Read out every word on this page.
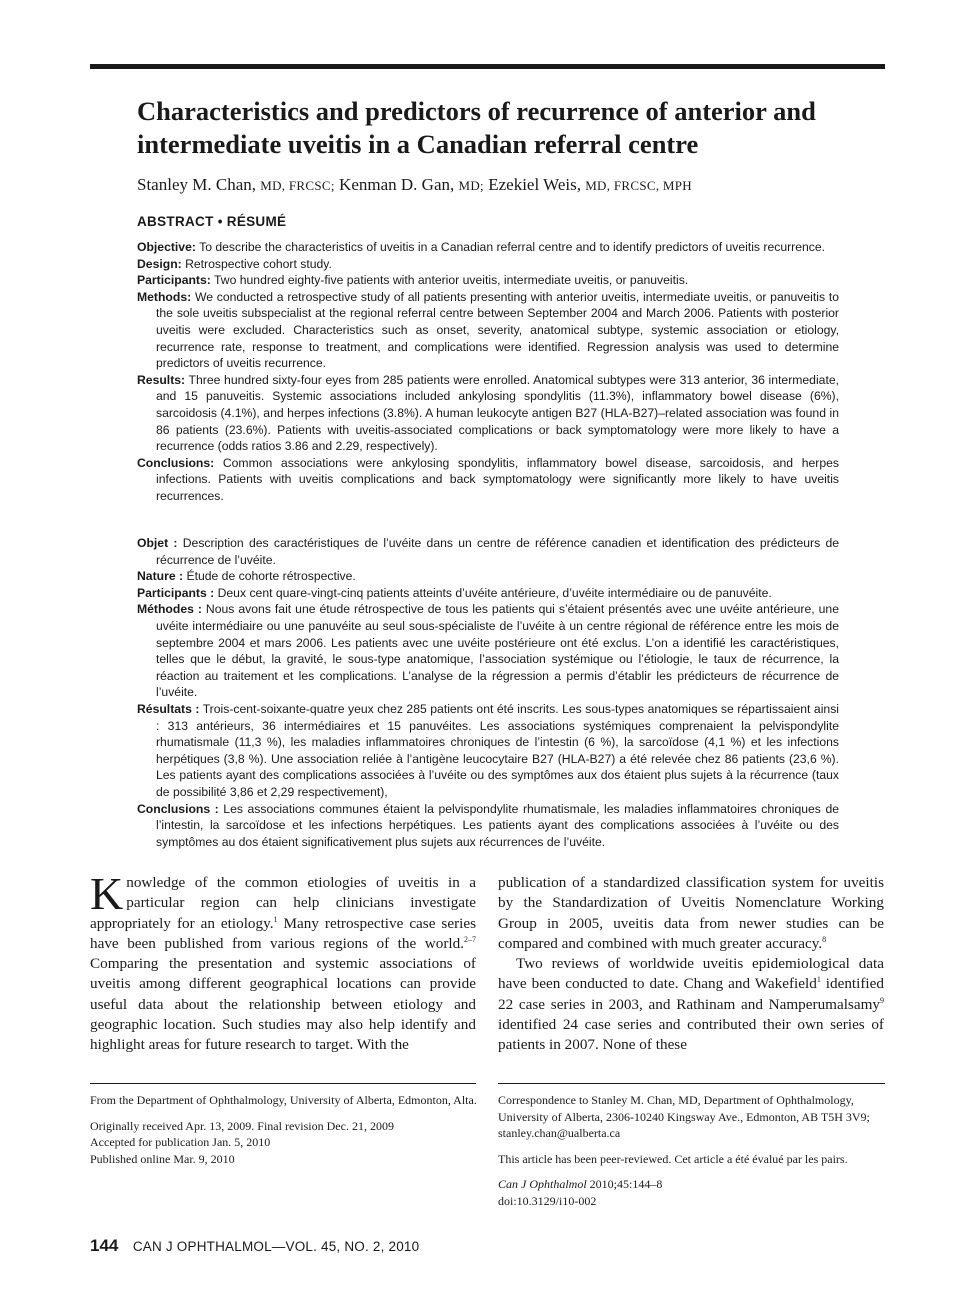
Characteristics and predictors of recurrence of anterior and intermediate uveitis in a Canadian referral centre
Stanley M. Chan, MD, FRCSC; Kenman D. Gan, MD; Ezekiel Weis, MD, FRCSC, MPH
ABSTRACT • RÉSUMÉ

Objective: To describe the characteristics of uveitis in a Canadian referral centre and to identify predictors of uveitis recurrence.

Design: Retrospective cohort study.

Participants: Two hundred eighty-five patients with anterior uveitis, intermediate uveitis, or panuveitis.

Methods: We conducted a retrospective study of all patients presenting with anterior uveitis, intermediate uveitis, or panuveitis to the sole uveitis subspecialist at the regional referral centre between September 2004 and March 2006. Patients with posterior uveitis were excluded. Characteristics such as onset, severity, anatomical subtype, systemic association or etiology, recurrence rate, response to treatment, and complications were identified. Regression analysis was used to determine predictors of uveitis recurrence.

Results: Three hundred sixty-four eyes from 285 patients were enrolled. Anatomical subtypes were 313 anterior, 36 intermediate, and 15 panuveitis. Systemic associations included ankylosing spondylitis (11.3%), inflammatory bowel disease (6%), sarcoidosis (4.1%), and herpes infections (3.8%). A human leukocyte antigen B27 (HLA-B27)–related association was found in 86 patients (23.6%). Patients with uveitis-associated complications or back symptomatology were more likely to have a recurrence (odds ratios 3.86 and 2.29, respectively).

Conclusions: Common associations were ankylosing spondylitis, inflammatory bowel disease, sarcoidosis, and herpes infections. Patients with uveitis complications and back symptomatology were significantly more likely to have uveitis recurrences.

Objet : Description des caractéristiques de l’uvéite dans un centre de référence canadien et identification des prédicteurs de récurrence de l’uvéite.

Nature : Étude de cohorte rétrospective.

Participants : Deux cent quare-vingt-cinq patients atteints d’uvéite antérieure, d’uvéite intermédiaire ou de panuvéite.

Méthodes : Nous avons fait une étude rétrospective de tous les patients qui s’étaient présentés avec une uvéite antérieure, une uvéite intermédiaire ou une panuvéite au seul sous-spécialiste de l’uvéite à un centre régional de référence entre les mois de septembre 2004 et mars 2006. Les patients avec une uvéite postérieure ont été exclus. L’on a identifié les caractéristiques, telles que le début, la gravité, le sous-type anatomique, l’association systémique ou l’étiologie, le taux de récurrence, la réaction au traitement et les complications. L’analyse de la régression a permis d’établir les prédicteurs de récurrence de l’uvéite.

Résultats : Trois-cent-soixante-quatre yeux chez 285 patients ont été inscrits. Les sous-types anatomiques se répartissaient ainsi : 313 antérieurs, 36 intermédiaires et 15 panuvéites. Les associations systémiques comprenaient la pelvispondylite rhumatismale (11,3 %), les maladies inflammatoires chroniques de l’intestin (6 %), la sarcoïdose (4,1 %) et les infections herpétiques (3,8 %). Une association reliée à l’antigène leucocytaire B27 (HLA-B27) a été relevée chez 86 patients (23,6 %). Les patients ayant des complications associées à l’uvéite ou des symptômes aux dos étaient plus sujets à la récurrence (taux de possibilité 3,86 et 2,29 respectivement),

Conclusions : Les associations communes étaient la pelvispondylite rhumatismale, les maladies inflammatoires chroniques de l’intestin, la sarcoïdose et les infections herpétiques. Les patients ayant des complications associées à l’uvéite ou des symptômes au dos étaient significativement plus sujets aux récurrences de l’uvéite.

Knowledge of the common etiologies of uveitis in a particular region can help clinicians investigate appropriately for an etiology.$^1$ Many retrospective case series have been published from various regions of the world.$^{2-7}$ Comparing the presentation and systemic associations of uveitis among different geographical locations can provide useful data about the relationship between etiology and geographic location. Such studies may also help identify and highlight areas for future research to target. With the

publication of a standardized classification system for uveitis by the Standardization of Uveitis Nomenclature Working Group in 2005, uveitis data from newer studies can be compared and combined with much greater accuracy.$^8$

Two reviews of worldwide uveitis epidemiological data have been conducted to date. Chang and Wakefield$^1$ identified 22 case series in 2003, and Rathinam and Namperumalsamy$^9$ identified 24 case series and contributed their own series of patients in 2007. None of these

From the Department of Ophthalmology, University of Alberta, Edmonton, Alta.

Originally received Apr. 13, 2009. Final revision Dec. 21, 2009
Accepted for publication Jan. 5, 2010
Published online Mar. 9, 2010

Correspondence to Stanley M. Chan, MD, Department of Ophthalmology, University of Alberta, 2306-10240 Kingsway Ave., Edmonton, AB T5H 3V9; stanley.chan@ualberta.ca

This article has been peer-reviewed. Cet article a été évalué par les pairs.

Can J Ophthalmol 2010;45:144–8
doi:10.3129/i10-002

144 CAN J OPHTHALMOL—VOL. 45, NO. 2, 2010
